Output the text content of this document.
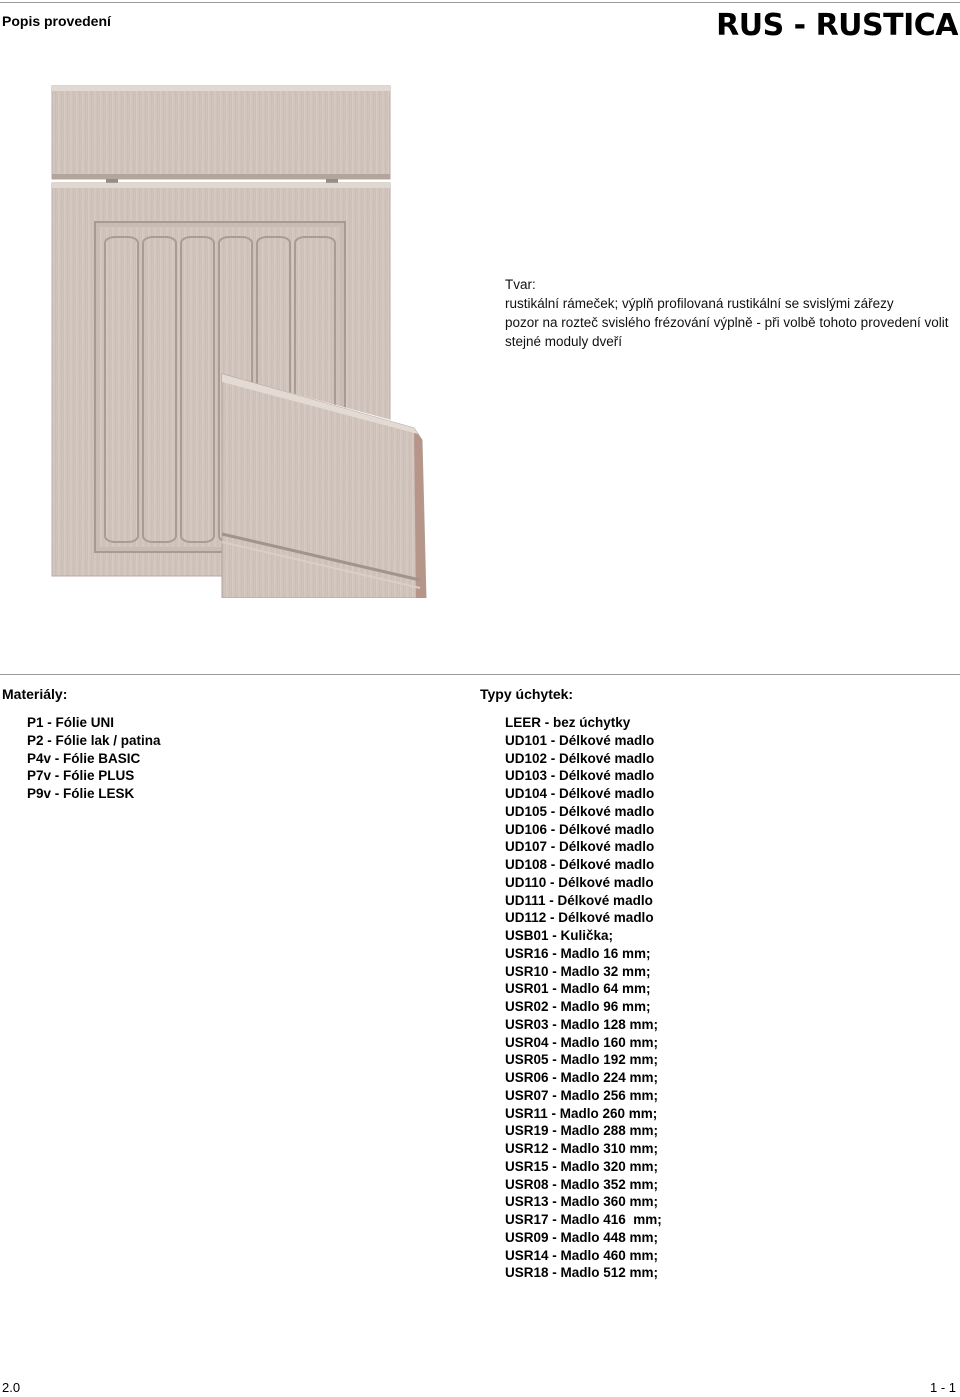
Popis provedení	RUS - RUSTICA
Tvar:
rustikální rámeček; výplň profilovaná rustikální se svislými zářezy
pozor na rozteč svislého frézování výplně - při volbě tohoto provedení volit
stejné moduly dveří
Materiály:
P1 - Fólie UNI
P2 - Fólie lak / patina
P4v - Fólie BASIC
P7v - Fólie PLUS
P9v - Fólie LESK
Typy úchytek:
LEER - bez úchytky
UD101 - Délkové madlo
UD102 - Délkové madlo
UD103 - Délkové madlo
UD104 - Délkové madlo
UD105 - Délkové madlo
UD106 - Délkové madlo
UD107 - Délkové madlo
UD108 - Délkové madlo
UD110 - Délkové madlo
UD111 - Délkové madlo
UD112 - Délkové madlo
USB01 - Kulička;
USR16 - Madlo 16 mm;
USR10 - Madlo 32 mm;
USR01 - Madlo 64 mm;
USR02 - Madlo 96 mm;
USR03 - Madlo 128 mm;
USR04 - Madlo 160 mm;
USR05 - Madlo 192 mm;
USR06 - Madlo 224 mm;
USR07 - Madlo 256 mm;
USR11 - Madlo 260 mm;
USR19 - Madlo 288 mm;
USR12 - Madlo 310 mm;
USR15 - Madlo 320 mm;
USR08 - Madlo 352 mm;
USR13 - Madlo 360 mm;
USR17 - Madlo 416  mm;
USR09 - Madlo 448 mm;
USR14 - Madlo 460 mm;
USR18 - Madlo 512 mm;
2.0	1 - 1
